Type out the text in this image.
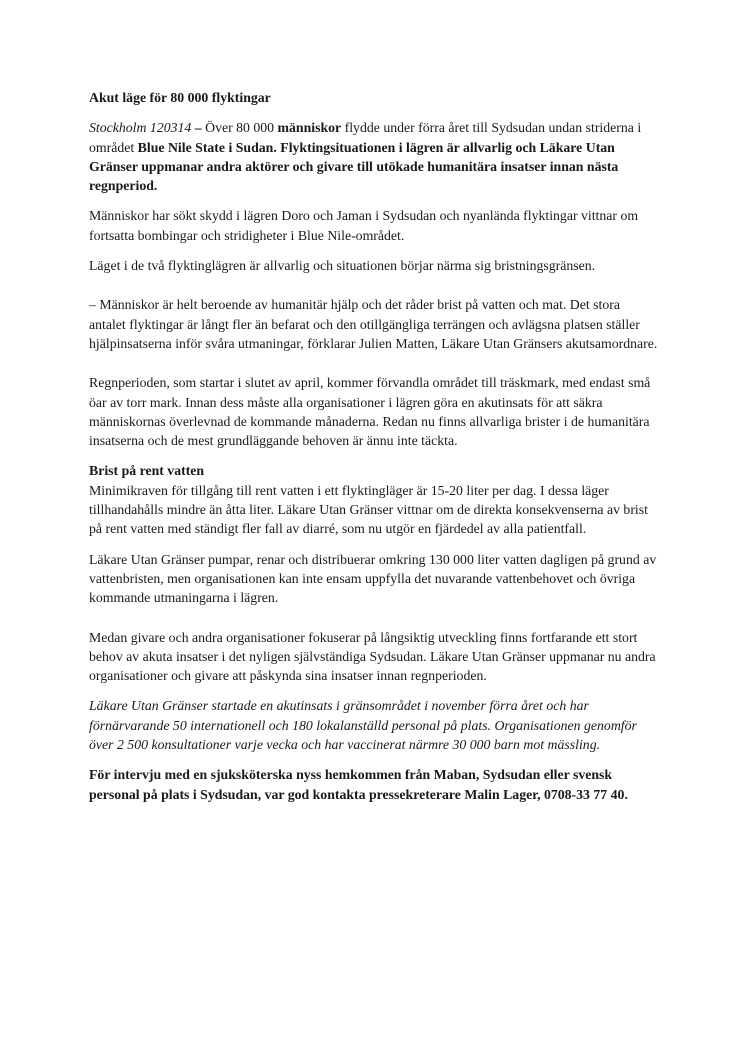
Akut läge för 80 000 flyktingar

Stockholm 120314 – Över 80 000 människor flydde under förra året till Sydsudan undan striderna i området Blue Nile State i Sudan. Flyktingsituationen i lägren är allvarlig och Läkare Utan Gränser uppmanar andra aktörer och givare till utökade humanitära insatser innan nästa regnperiod.

Människor har sökt skydd i lägren Doro och Jaman i Sydsudan och nyanlända flyktingar vittnar om fortsatta bombingar och stridigheter i Blue Nile-området.

Läget i de två flyktinglägren är allvarlig och situationen börjar närma sig bristningsgränsen.

– Människor är helt beroende av humanitär hjälp och det råder brist på vatten och mat. Det stora antalet flyktingar är långt fler än befarat och den otillgängliga terrängen och avlägsna platsen ställer hjälpinsatserna inför svåra utmaningar, förklarar Julien Matten, Läkare Utan Gränsers akutsamordnare.

Regnperioden, som startar i slutet av april, kommer förvandla området till träskmark, med endast små öar av torr mark. Innan dess måste alla organisationer i lägren göra en akutinsats för att säkra människornas överlevnad de kommande månaderna. Redan nu finns allvarliga brister i de humanitära insatserna och de mest grundläggande behoven är ännu inte täckta.

Brist på rent vatten

Minimikraven för tillgång till rent vatten i ett flyktingläger är 15-20 liter per dag. I dessa läger tillhandahålls mindre än åtta liter. Läkare Utan Gränser vittnar om de direkta konsekvenserna av brist på rent vatten med ständigt fler fall av diarré, som nu utgör en fjärdedel av alla patientfall.

Läkare Utan Gränser pumpar, renar och distribuerar omkring 130 000 liter vatten dagligen på grund av vattenbristen, men organisationen kan inte ensam uppfylla det nuvarande vattenbehovet och övriga kommande utmaningarna i lägren.

Medan givare och andra organisationer fokuserar på långsiktig utveckling finns fortfarande ett stort behov av akuta insatser i det nyligen självständiga Sydsudan. Läkare Utan Gränser uppmanar nu andra organisationer och givare att påskynda sina insatser innan regnperioden.

Läkare Utan Gränser startade en akutinsats i gränsområdet i november förra året och har förnärvarande 50 internationell och 180 lokalanställd personal på plats. Organisationen genomför över 2 500 konsultationer varje vecka och har vaccinerat närmre 30 000 barn mot mässling.

För intervju med en sjuksköterska nyss hemkommen från Maban, Sydsudan eller svensk personal på plats i Sydsudan, var god kontakta pressekreterare Malin Lager, 0708-33 77 40.
